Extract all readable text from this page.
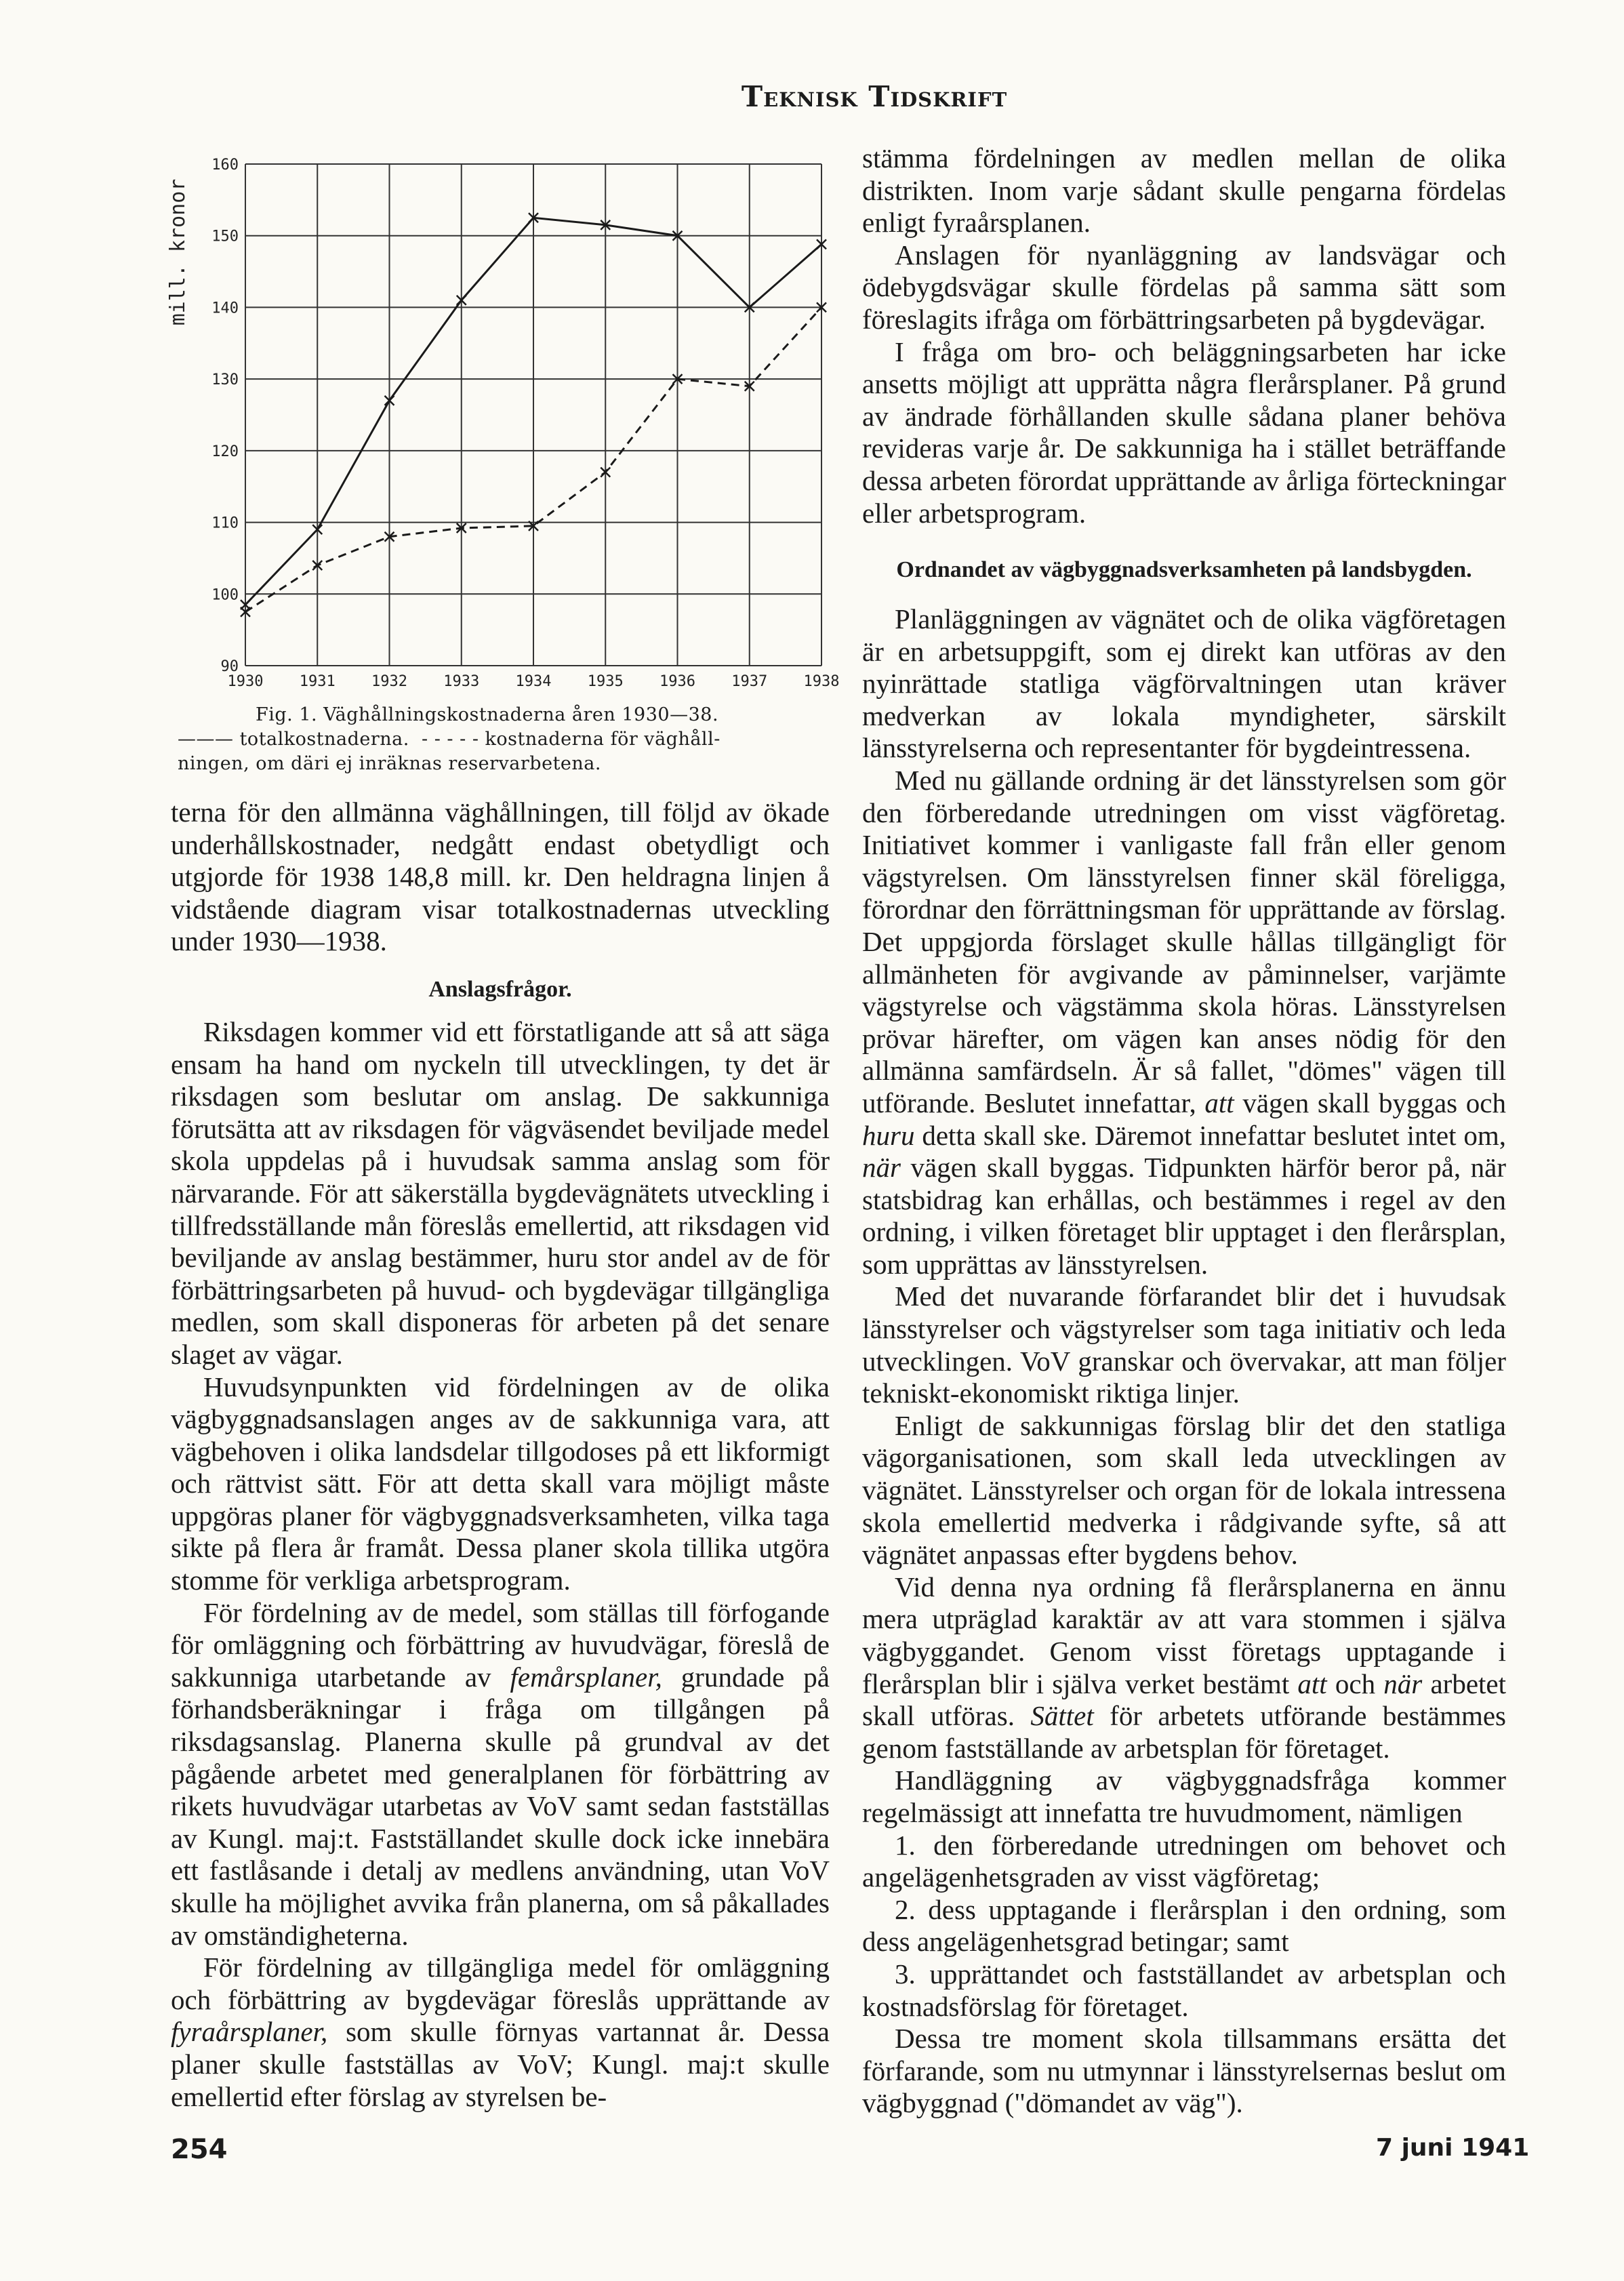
Teknisk Tidskrift
90
100
110
120
130
140
150
160
1930 1931 1932 1933 1934 1935 1936 1937 1938
mill. kronor
Fig. 1. Väghållningskostnaderna åren 1930—38.
——— totalkostnaderna. - - - - - kostnaderna för väghåll-
ningen, om däri ej inräknas reservarbetena.

terna för den allmänna väghållningen, till följd av ökade underhållskostnader, nedgått endast obetydligt och utgjorde för 1938 148,8 mill. kr. Den heldragna linjen å vidstående diagram visar totalkostnadernas utveckling under 1930—1938.

Anslagsfrågor.

Riksdagen kommer vid ett förstatligande att så att säga ensam ha hand om nyckeln till utvecklingen, ty det är riksdagen som beslutar om anslag. De sakkunniga förutsätta att av riksdagen för vägväsendet beviljade medel skola uppdelas på i huvudsak samma anslag som för närvarande. För att säkerställa bygdevägnätets utveckling i tillfredsställande mån föreslås emellertid, att riksdagen vid beviljande av anslag bestämmer, huru stor andel av de för förbättringsarbeten på huvud- och bygdevägar tillgängliga medlen, som skall disponeras för arbeten på det senare slaget av vägar.

Huvudsynpunkten vid fördelningen av de olika vägbyggnadsanslagen anges av de sakkunniga vara, att vägbehoven i olika landsdelar tillgodoses på ett likformigt och rättvist sätt. För att detta skall vara möjligt måste uppgöras planer för vägbyggnadsverksamheten, vilka taga sikte på flera år framåt. Dessa planer skola tillika utgöra stomme för verkliga arbetsprogram.

För fördelning av de medel, som ställas till förfogande för omläggning och förbättring av huvudvägar, föreslå de sakkunniga utarbetande av femårsplaner, grundade på förhandsberäkningar i fråga om tillgången på riksdagsanslag. Planerna skulle på grundval av det pågående arbetet med generalplanen för förbättring av rikets huvudvägar utarbetas av VoV samt sedan fastställas av Kungl. maj:t. Fastställandet skulle dock icke innebära ett fastlåsande i detalj av medlens användning, utan VoV skulle ha möjlighet avvika från planerna, om så påkallades av omständigheterna.

För fördelning av tillgängliga medel för omläggning och förbättring av bygdevägar föreslås upprättande av fyraårsplaner, som skulle förnyas vartannat år. Dessa planer skulle fastställas av VoV; Kungl. maj:t skulle emellertid efter förslag av styrelsen be-

stämma fördelningen av medlen mellan de olika distrikten. Inom varje sådant skulle pengarna fördelas enligt fyraårsplanen.

Anslagen för nyanläggning av landsvägar och ödebygdsvägar skulle fördelas på samma sätt som föreslagits ifråga om förbättringsarbeten på bygdevägar.

I fråga om bro- och beläggningsarbeten har icke ansetts möjligt att upprätta några flerårsplaner. På grund av ändrade förhållanden skulle sådana planer behöva revideras varje år. De sakkunniga ha i stället beträffande dessa arbeten förordat upprättande av årliga förteckningar eller arbetsprogram.

Ordnandet av vägbyggnadsverksamheten på landsbygden.

Planläggningen av vägnätet och de olika vägföretagen är en arbetsuppgift, som ej direkt kan utföras av den nyinrättade statliga vägförvaltningen utan kräver medverkan av lokala myndigheter, särskilt länsstyrelserna och representanter för bygdeintressena.

Med nu gällande ordning är det länsstyrelsen som gör den förberedande utredningen om visst vägföretag. Initiativet kommer i vanligaste fall från eller genom vägstyrelsen. Om länsstyrelsen finner skäl föreligga, förordnar den förrättningsman för upprättande av förslag. Det uppgjorda förslaget skulle hållas tillgängligt för allmänheten för avgivande av påminnelser, varjämte vägstyrelse och vägstämma skola höras. Länsstyrelsen prövar härefter, om vägen kan anses nödig för den allmänna samfärdseln. Är så fallet, "dömes" vägen till utförande. Beslutet innefattar, att vägen skall byggas och huru detta skall ske. Däremot innefattar beslutet intet om, när vägen skall byggas. Tidpunkten härför beror på, när statsbidrag kan erhållas, och bestämmes i regel av den ordning, i vilken företaget blir upptaget i den flerårsplan, som upprättas av länsstyrelsen.

Med det nuvarande förfarandet blir det i huvudsak länsstyrelser och vägstyrelser som taga initiativ och leda utvecklingen. VoV granskar och övervakar, att man följer tekniskt-ekonomiskt riktiga linjer.

Enligt de sakkunnigas förslag blir det den statliga vägorganisationen, som skall leda utvecklingen av vägnätet. Länsstyrelser och organ för de lokala intressena skola emellertid medverka i rådgivande syfte, så att vägnätet anpassas efter bygdens behov.

Vid denna nya ordning få flerårsplanerna en ännu mera utpräglad karaktär av att vara stommen i själva vägbyggandet. Genom visst företags upptagande i flerårsplan blir i själva verket bestämt att och när arbetet skall utföras. Sättet för arbetets utförande bestämmes genom fastställande av arbetsplan för företaget.

Handläggning av vägbyggnadsfråga kommer regelmässigt att innefatta tre huvudmoment, nämligen

1. den förberedande utredningen om behovet och angelägenhetsgraden av visst vägföretag;

2. dess upptagande i flerårsplan i den ordning, som dess angelägenhetsgrad betingar; samt

3. upprättandet och fastställandet av arbetsplan och kostnadsförslag för företaget.

Dessa tre moment skola tillsammans ersätta det förfarande, som nu utmynnar i länsstyrelsernas beslut om vägbyggnad ("dömandet av väg").

254	7 juni 1941
